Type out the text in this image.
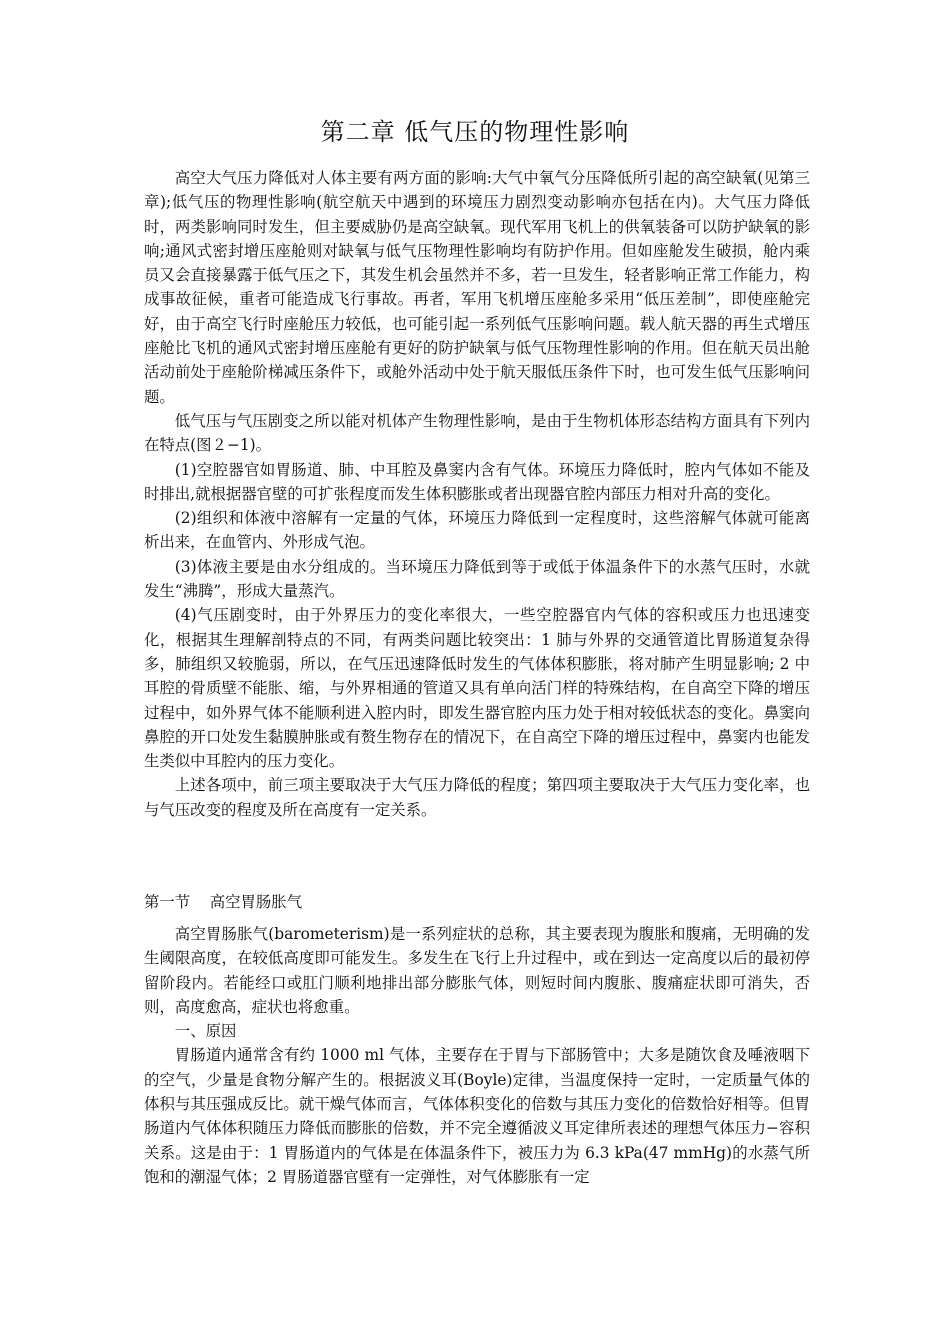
第二章 低气压的物理性影响

高空大气压力降低对人体主要有两方面的影响:大气中氧气分压降低所引起的高空缺氧(见第三章);低气压的物理性影响(航空航天中遇到的环境压力剧烈变动影响亦包括在内)。大气压力降低时，两类影响同时发生，但主要威胁仍是高空缺氧。现代军用飞机上的供氧装备可以防护缺氧的影响;通风式密封增压座舱则对缺氧与低气压物理性影响均有防护作用。但如座舱发生破损，舱内乘员又会直接暴露于低气压之下，其发生机会虽然并不多，若一旦发生，轻者影响正常工作能力，构成事故征候，重者可能造成飞行事故。再者，军用飞机增压座舱多采用“低压差制”，即使座舱完好，由于高空飞行时座舱压力较低，也可能引起一系列低气压影响问题。载人航天器的再生式增压座舱比飞机的通风式密封增压座舱有更好的防护缺氧与低气压物理性影响的作用。但在航天员出舱活动前处于座舱阶梯减压条件下，或舱外活动中处于航天服低压条件下时，也可发生低气压影响问题。

低气压与气压剧变之所以能对机体产生物理性影响，是由于生物机体形态结构方面具有下列内在特点(图２−1)。

(1)空腔器官如胃肠道、肺、中耳腔及鼻窦内含有气体。环境压力降低时，腔内气体如不能及时排出,就根据器官壁的可扩张程度而发生体积膨胀或者出现器官腔内部压力相对升高的变化。

(2)组织和体液中溶解有一定量的气体，环境压力降低到一定程度时，这些溶解气体就可能离析出来，在血管内、外形成气泡。

(3)体液主要是由水分组成的。当环境压力降低到等于或低于体温条件下的水蒸气压时，水就发生“沸腾”，形成大量蒸汽。

(4)气压剧变时，由于外界压力的变化率很大，一些空腔器官内气体的容积或压力也迅速变化，根据其生理解剖特点的不同，有两类问题比较突出：1 肺与外界的交通管道比胃肠道复杂得多，肺组织又较脆弱，所以，在气压迅速降低时发生的气体体积膨胀，将对肺产生明显影响; 2 中耳腔的骨质壁不能胀、缩，与外界相通的管道又具有单向活门样的特殊结构，在自高空下降的增压过程中，如外界气体不能顺利进入腔内时，即发生器官腔内压力处于相对较低状态的变化。鼻窦向鼻腔的开口处发生黏膜肿胀或有赘生物存在的情况下，在自高空下降的增压过程中，鼻窦内也能发生类似中耳腔内的压力变化。

上述各项中，前三项主要取决于大气压力降低的程度；第四项主要取决于大气压力变化率，也与气压改变的程度及所在高度有一定关系。

第一节    高空胃肠胀气

高空胃肠胀气(barometerism)是一系列症状的总称，其主要表现为腹胀和腹痛，无明确的发生阈限高度，在较低高度即可能发生。多发生在飞行上升过程中，或在到达一定高度以后的最初停留阶段内。若能经口或肛门顺利地排出部分膨胀气体，则短时间内腹胀、腹痛症状即可消失，否则，高度愈高，症状也将愈重。

一、原因

胃肠道内通常含有约 1000 ml 气体，主要存在于胃与下部肠管中；大多是随饮食及唾液咽下的空气，少量是食物分解产生的。根据波义耳(Boyle)定律，当温度保持一定时，一定质量气体的体积与其压强成反比。就干燥气体而言，气体体积变化的倍数与其压力变化的倍数恰好相等。但胃肠道内气体体积随压力降低而膨胀的倍数，并不完全遵循波义耳定律所表述的理想气体压力−容积关系。这是由于：1 胃肠道内的气体是在体温条件下，被压力为 6.3 kPa(47 mmHg)的水蒸气所饱和的潮湿气体；2 胃肠道器官壁有一定弹性，对气体膨胀有一定
